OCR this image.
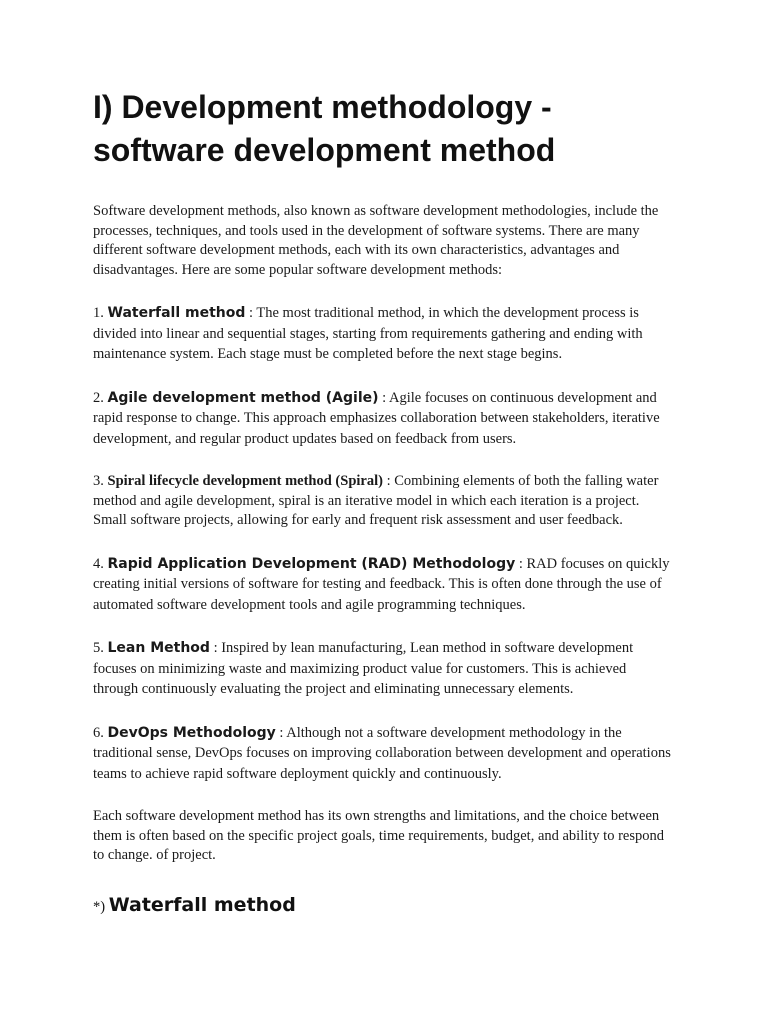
I) Development methodology - software development method

Software development methods, also known as software development methodologies, include the processes, techniques, and tools used in the development of software systems. There are many different software development methods, each with its own characteristics, advantages and disadvantages. Here are some popular software development methods:

1. Waterfall method : The most traditional method, in which the development process is divided into linear and sequential stages, starting from requirements gathering and ending with maintenance system. Each stage must be completed before the next stage begins.

2. Agile development method (Agile) : Agile focuses on continuous development and rapid response to change. This approach emphasizes collaboration between stakeholders, iterative development, and regular product updates based on feedback from users.

3. Spiral lifecycle development method (Spiral) : Combining elements of both the falling water method and agile development, spiral is an iterative model in which each iteration is a project. Small software projects, allowing for early and frequent risk assessment and user feedback.

4. Rapid Application Development (RAD) Methodology : RAD focuses on quickly creating initial versions of software for testing and feedback. This is often done through the use of automated software development tools and agile programming techniques.

5. Lean Method : Inspired by lean manufacturing, Lean method in software development focuses on minimizing waste and maximizing product value for customers. This is achieved through continuously evaluating the project and eliminating unnecessary elements.

6. DevOps Methodology : Although not a software development methodology in the traditional sense, DevOps focuses on improving collaboration between development and operations teams to achieve rapid software deployment quickly and continuously.

Each software development method has its own strengths and limitations, and the choice between them is often based on the specific project goals, time requirements, budget, and ability to respond to change. of project.

*) Waterfall method
